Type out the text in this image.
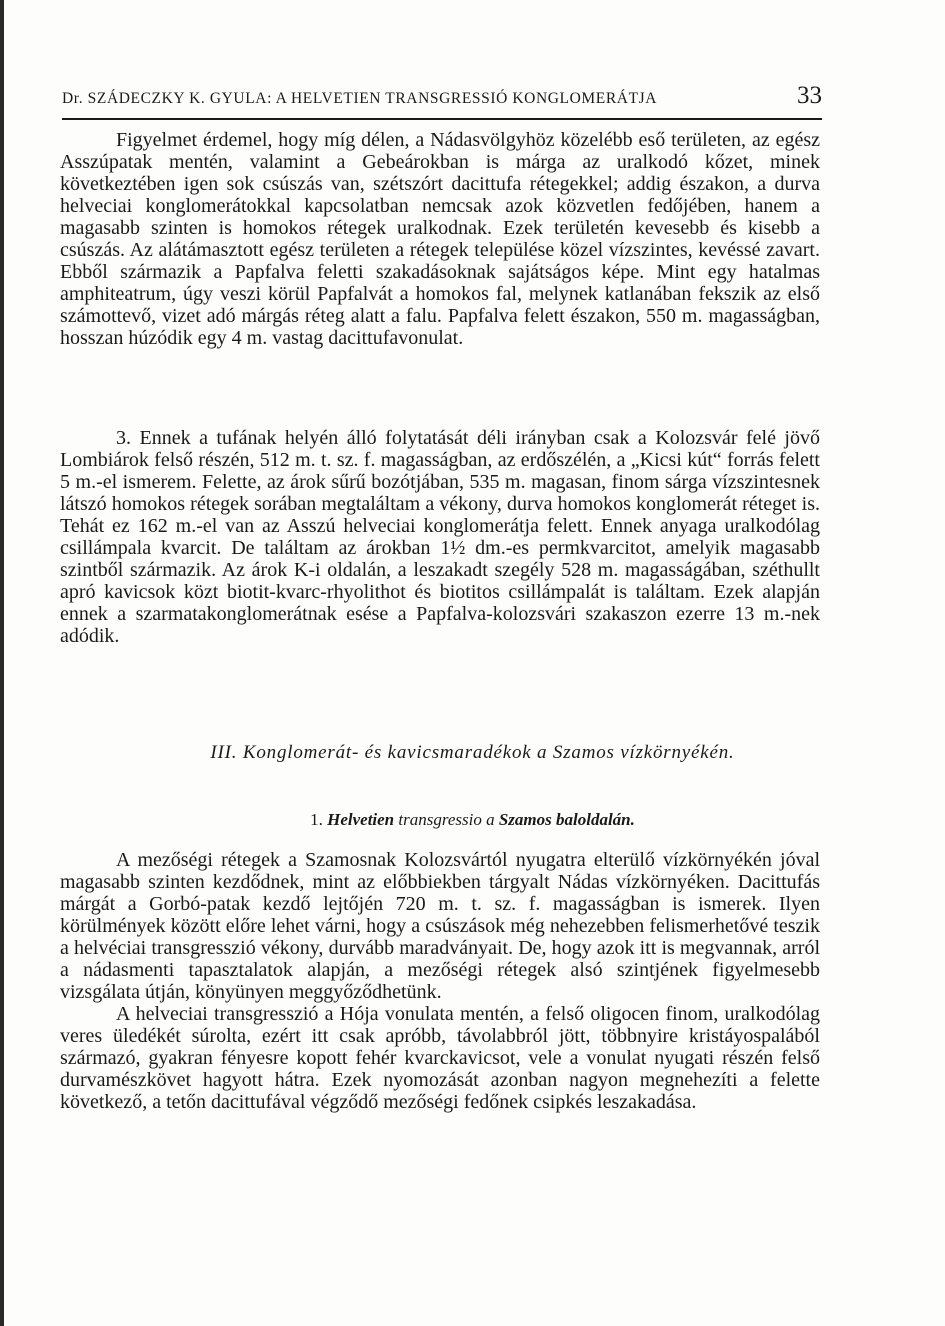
Dr. SZÁDECZKY K. GYULA: A HELVETIEN TRANSGRESSIÓ KONGLOMERÁTJA	33

Figyelmet érdemel, hogy míg délen, a Nádasvölgyhöz közelébb eső területen, az egész Asszúpatak mentén, valamint a Gebeárokban is márga az uralkodó kőzet, minek következtében igen sok csúszás van, szétszórt dacittufa rétegekkel; addig északon, a durva helveciai konglomerátokkal kapcsolatban nemcsak azok közvetlen fedőjében, hanem a magasabb szinten is homokos rétegek uralkodnak. Ezek területén kevesebb és kisebb a csúszás. Az alátámasztott egész területen a rétegek települése közel vízszintes, kevéssé zavart. Ebből származik a Papfalva feletti szakadásoknak sajátságos képe. Mint egy hatalmas amphiteatrum, úgy veszi körül Papfalvát a homokos fal, melynek katlanában fekszik az első számottevő, vizet adó márgás réteg alatt a falu. Papfalva felett északon, 550 m. magasságban, hosszan húzódik egy 4 m. vastag dacittufavonulat.

3. Ennek a tufának helyén álló folytatását déli irányban csak a Kolozsvár felé jövő Lombiárok felső részén, 512 m. t. sz. f. magasságban, az erdőszélén, a „Kicsi kút“ forrás felett 5 m.-el ismerem. Felette, az árok sűrű bozótjában, 535 m. magasan, finom sárga vízszintesnek látszó homokos rétegek sorában megtaláltam a vékony, durva homokos konglomerát réteget is. Tehát ez 162 m.-el van az Asszú helveciai konglomerátja felett. Ennek anyaga uralkodólag csillámpala kvarcit. De találtam az árokban 1½ dm.-es permkvarcitot, amelyik magasabb szintből származik. Az árok K-i oldalán, a leszakadt szegély 528 m. magasságában, széthullt apró kavicsok közt biotit-kvarc-rhyolithot és biotitos csillámpalát is találtam. Ezek alapján ennek a szarmatakonglomerátnak esése a Papfalva-kolozsvári szakaszon ezerre 13 m.-nek adódik.

III. Konglomerát- és kavicsmaradékok a Szamos vízkörnyékén.
1. Helvetien transgressio a Szamos baloldalán.

A mezőségi rétegek a Szamosnak Kolozsvártól nyugatra elterülő vízkörnyékén jóval magasabb szinten kezdődnek, mint az előbbiekben tárgyalt Nádas vízkörnyéken. Dacittufás márgát a Gorbó-patak kezdő lejtőjén 720 m. t. sz. f. magasságban is ismerek. Ilyen körülmények között előre lehet várni, hogy a csúszások még nehezebben felismerhetővé teszik a helvéciai transgresszió vékony, durvább maradványait. De, hogy azok itt is megvannak, arról a nádasmenti tapasztalatok alapján, a mezőségi rétegek alsó szintjének figyelmesebb vizsgálata útján, könyünyen meggyőződhetünk.

A helveciai transgresszió a Hója vonulata mentén, a felső oligocen finom, uralkodólag veres üledékét súrolta, ezért itt csak apróbb, távolabbról jött, többnyire kristáyospalából származó, gyakran fényesre kopott fehér kvarckavicsot, vele a vonulat nyugati részén felső durvamészkövet hagyott hátra. Ezek nyomozását azonban nagyon megnehezíti a felette következő, a tetőn dacittufával végződő mezőségi fedőnek csipkés leszakadása.
